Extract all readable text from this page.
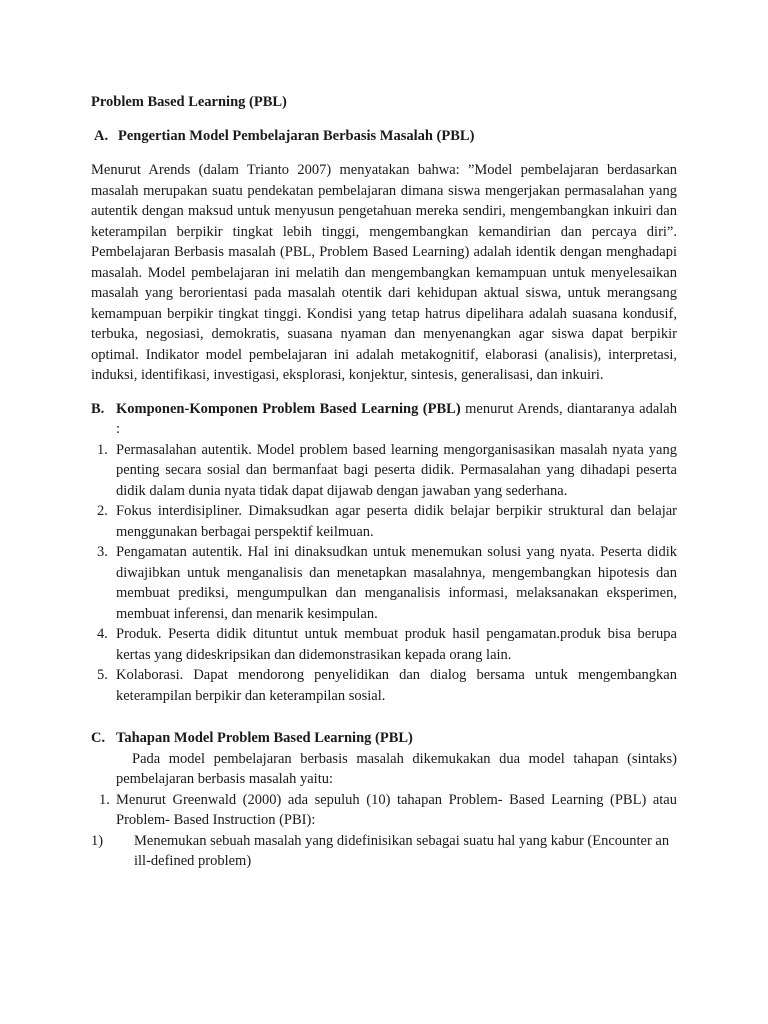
Problem Based Learning (PBL)

A. Pengertian Model Pembelajaran Berbasis Masalah (PBL)

Menurut Arends (dalam Trianto 2007) menyatakan bahwa: ”Model pembelajaran berdasarkan masalah merupakan suatu pendekatan pembelajaran dimana siswa mengerjakan permasalahan yang autentik dengan maksud untuk menyusun pengetahuan mereka sendiri, mengembangkan inkuiri dan keterampilan berpikir tingkat lebih tinggi, mengembangkan kemandirian dan percaya diri”. Pembelajaran Berbasis masalah (PBL, Problem Based Learning) adalah identik dengan menghadapi masalah. Model pembelajaran ini melatih dan mengembangkan kemampuan untuk menyelesaikan masalah yang berorientasi pada masalah otentik dari kehidupan aktual siswa, untuk merangsang kemampuan berpikir tingkat tinggi. Kondisi yang tetap hatrus dipelihara adalah suasana kondusif, terbuka, negosiasi, demokratis, suasana nyaman dan menyenangkan agar siswa dapat berpikir optimal. Indikator model pembelajaran ini adalah metakognitif, elaborasi (analisis), interpretasi, induksi, identifikasi, investigasi, eksplorasi, konjektur, sintesis, generalisasi, dan inkuiri.

B. Komponen-Komponen Problem Based Learning (PBL) menurut Arends, diantaranya adalah :
1. Permasalahan autentik. Model problem based learning mengorganisasikan masalah nyata yang penting secara sosial dan bermanfaat bagi peserta didik. Permasalahan yang dihadapi peserta didik dalam dunia nyata tidak dapat dijawab dengan jawaban yang sederhana.
2. Fokus interdisipliner. Dimaksudkan agar peserta didik belajar berpikir struktural dan belajar menggunakan berbagai perspektif keilmuan.
3. Pengamatan autentik. Hal ini dinaksudkan untuk menemukan solusi yang nyata. Peserta didik diwajibkan untuk menganalisis dan menetapkan masalahnya, mengembangkan hipotesis dan membuat prediksi, mengumpulkan dan menganalisis informasi, melaksanakan eksperimen, membuat inferensi, dan menarik kesimpulan.
4. Produk. Peserta didik dituntut untuk membuat produk hasil pengamatan.produk bisa berupa kertas yang dideskripsikan dan didemonstrasikan kepada orang lain.
5. Kolaborasi. Dapat mendorong penyelidikan dan dialog bersama untuk mengembangkan keterampilan berpikir dan keterampilan sosial.
C. Tahapan Model Problem Based Learning (PBL)
Pada model pembelajaran berbasis masalah dikemukakan dua model tahapan (sintaks) pembelajaran berbasis masalah yaitu:
1. Menurut Greenwald (2000) ada sepuluh (10) tahapan Problem- Based Learning (PBL) atau Problem- Based Instruction (PBI):
1)	Menemukan sebuah masalah yang didefinisikan sebagai suatu hal yang kabur (Encounter an ill-defined problem)
